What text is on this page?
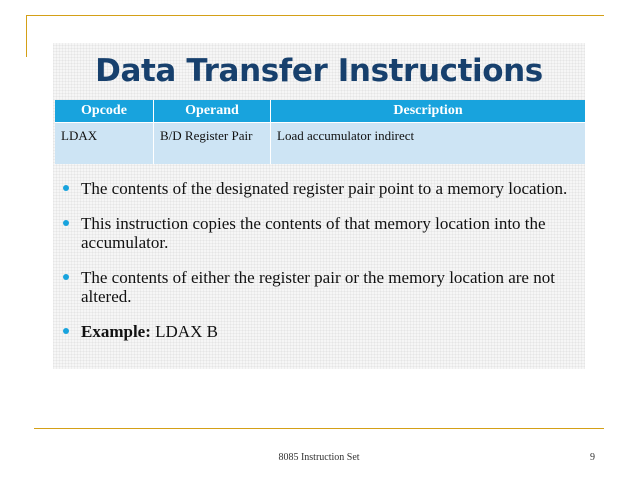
Data Transfer Instructions
Opcode	Operand	Description
LDAX	B/D Register Pair	Load accumulator indirect
The contents of the designated register pair point to a memory location.
This instruction copies the contents of that memory location into the accumulator.
The contents of either the register pair or the memory location are not altered.
Example: LDAX B
8085 Instruction Set	9
